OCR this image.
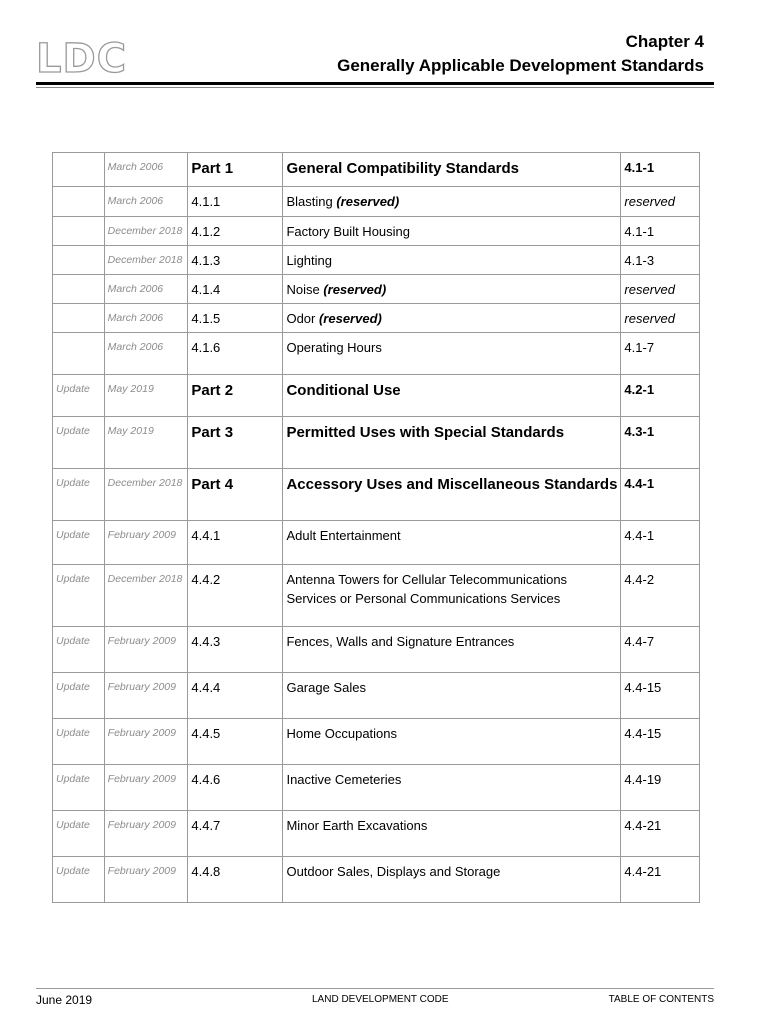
LDC	Chapter 4
Generally Applicable Development Standards
	March 2006	Part 1	General Compatibility Standards	4.1-1
	March 2006	4.1.1	Blasting (reserved)	reserved
	December 2018	4.1.2	Factory Built Housing	4.1-1
	December 2018	4.1.3	Lighting	4.1-3
	March 2006	4.1.4	Noise (reserved)	reserved
	March 2006	4.1.5	Odor (reserved)	reserved
	March 2006	4.1.6	Operating Hours	4.1-7
Update	May 2019	Part 2	Conditional Use	4.2-1
Update	May 2019	Part 3	Permitted Uses with Special Standards	4.3-1
Update	December 2018	Part 4	Accessory Uses and Miscellaneous Standards	4.4-1
Update	February 2009	4.4.1	Adult Entertainment	4.4-1
Update	December 2018	4.4.2	Antenna Towers for Cellular Telecommunications Services or Personal Communications Services	4.4-2
Update	February 2009	4.4.3	Fences, Walls and Signature Entrances	4.4-7
Update	February 2009	4.4.4	Garage Sales	4.4-15
Update	February 2009	4.4.5	Home Occupations	4.4-15
Update	February 2009	4.4.6	Inactive Cemeteries	4.4-19
Update	February 2009	4.4.7	Minor Earth Excavations	4.4-21
Update	February 2009	4.4.8	Outdoor Sales, Displays and Storage	4.4-21
June 2019	LAND DEVELOPMENT CODE	TABLE OF CONTENTS
